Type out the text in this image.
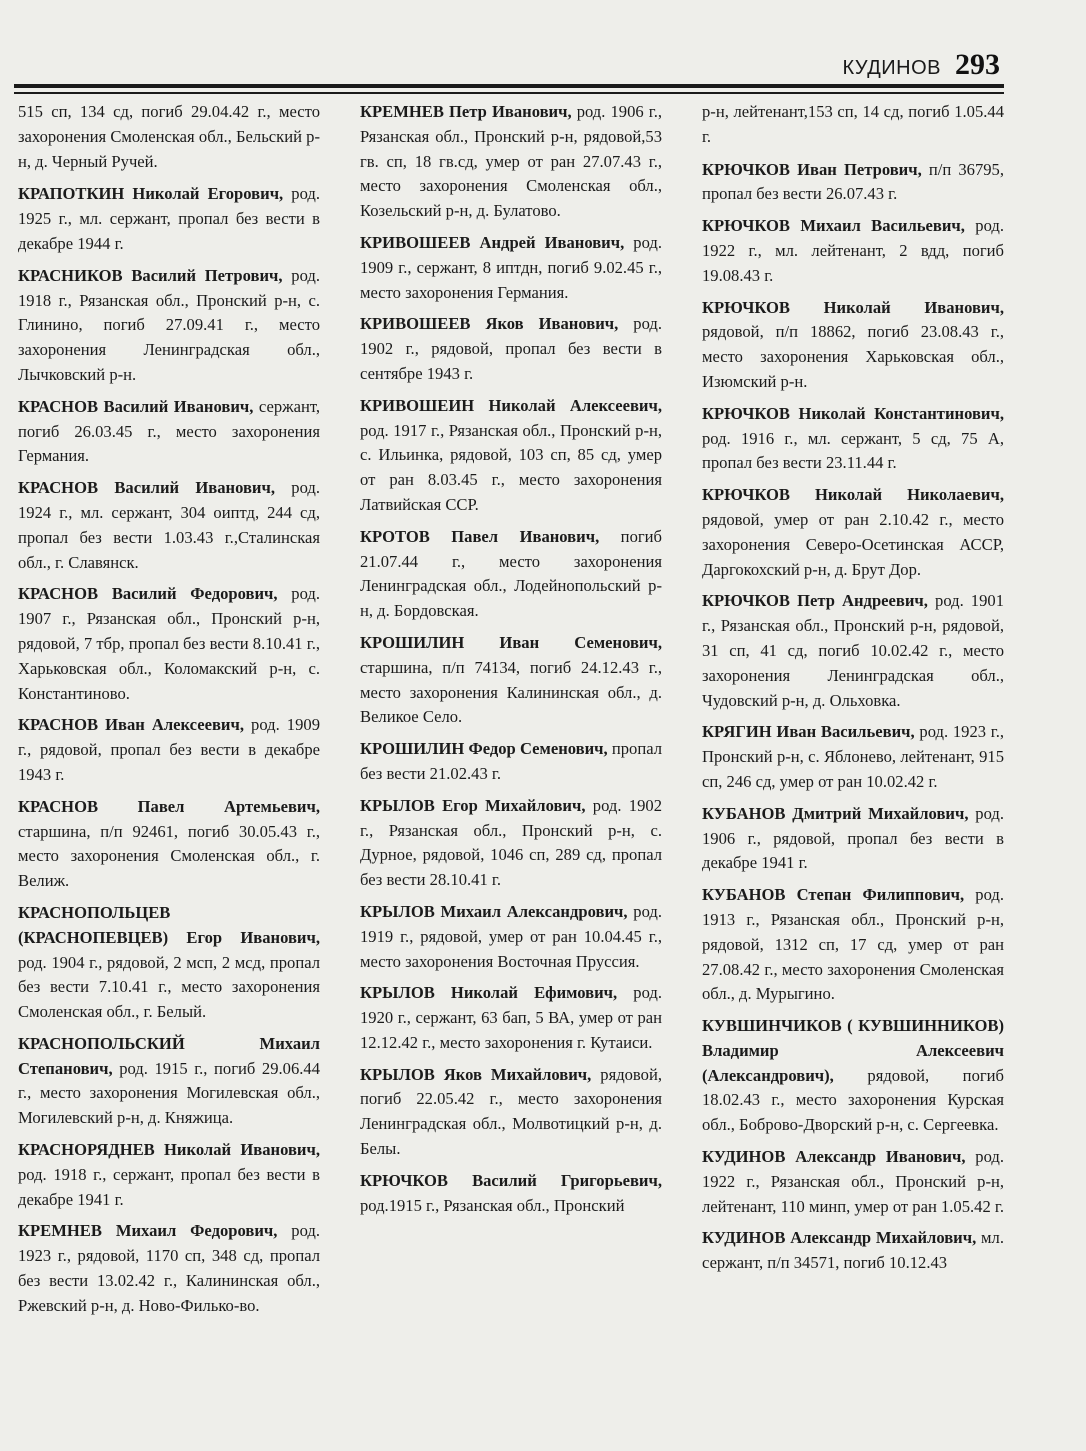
КУДИНОВ 293

515 сп, 134 сд, погиб 29.04.42 г., место захоронения Смоленская обл., Бельский р-н, д. Черный Ручей.

КРАПОТКИН Николай Егорович, род. 1925 г., мл. сержант, пропал без вести в декабре 1944 г.

КРАСНИКОВ Василий Петрович, род. 1918 г., Рязанская обл., Пронский р-н, с. Глинино, погиб 27.09.41 г., место захоронения Ленинградская обл., Лычковский р-н.

КРАСНОВ Василий Иванович, сержант, погиб 26.03.45 г., место захоронения Германия.

КРАСНОВ Василий Иванович, род. 1924 г., мл. сержант, 304 оиптд, 244 сд, пропал без вести 1.03.43 г.,Сталинская обл., г. Славянск.

КРАСНОВ Василий Федорович, род. 1907 г., Рязанская обл., Пронский р-н, рядовой, 7 тбр, пропал без вести 8.10.41 г., Харьковская обл., Коломакский р-н, с. Константиново.

КРАСНОВ Иван Алексеевич, род. 1909 г., рядовой, пропал без вести в декабре 1943 г.

КРАСНОВ Павел Артемьевич, старшина, п/п 92461, погиб 30.05.43 г., место захоронения Смоленская обл., г. Велиж.

КРАСНОПОЛЬЦЕВ (КРАСНОПЕВЦЕВ) Егор Иванович, род. 1904 г., рядовой, 2 мсп, 2 мсд, пропал без вести 7.10.41 г., место захоронения Смоленская обл., г. Белый.

КРАСНОПОЛЬСКИЙ Михаил Степанович, род. 1915 г., погиб 29.06.44 г., место захоронения Могилевская обл., Могилевский р-н, д. Княжица.

КРАСНОРЯДНЕВ Николай Иванович, род. 1918 г., сержант, пропал без вести в декабре 1941 г.

КРЕМНЕВ Михаил Федорович, род. 1923 г., рядовой, 1170 сп, 348 сд, пропал без вести 13.02.42 г., Калининская обл., Ржевский р-н, д. Ново-Филько-во.

КРЕМНЕВ Петр Иванович, род. 1906 г., Рязанская обл., Пронский р-н, рядовой,53 гв. сп, 18 гв.сд, умер от ран 27.07.43 г., место захоронения Смоленская обл., Козельский р-н, д. Булатово.

КРИВОШЕЕВ Андрей Иванович, род. 1909 г., сержант, 8 иптдн, погиб 9.02.45 г., место захоронения Германия.

КРИВОШЕЕВ Яков Иванович, род. 1902 г., рядовой, пропал без вести в сентябре 1943 г.

КРИВОШЕИН Николай Алексеевич, род. 1917 г., Рязанская обл., Пронский р-н, с. Ильинка, рядовой, 103 сп, 85 сд, умер от ран 8.03.45 г., место захоронения Латвийская ССР.

КРОТОВ Павел Иванович, погиб 21.07.44 г., место захоронения Ленинградская обл., Лодейнопольский р-н, д. Бордовская.

КРОШИЛИН Иван Семенович, старшина, п/п 74134, погиб 24.12.43 г., место захоронения Калининская обл., д. Великое Село.

КРОШИЛИН Федор Семенович, пропал без вести 21.02.43 г.

КРЫЛОВ Егор Михайлович, род. 1902 г., Рязанская обл., Пронский р-н, с. Дурное, рядовой, 1046 сп, 289 сд, пропал без вести 28.10.41 г.

КРЫЛОВ Михаил Александрович, род. 1919 г., рядовой, умер от ран 10.04.45 г., место захоронения Восточная Пруссия.

КРЫЛОВ Николай Ефимович, род. 1920 г., сержант, 63 бап, 5 ВА, умер от ран 12.12.42 г., место захоронения г. Кутаиси.

КРЫЛОВ Яков Михайлович, рядовой, погиб 22.05.42 г., место захоронения Ленинградская обл., Молвотицкий р-н, д. Белы.

КРЮЧКОВ Василий Григорьевич, род.1915 г., Рязанская обл., Пронский

р-н, лейтенант,153 сп, 14 сд, погиб 1.05.44 г.

КРЮЧКОВ Иван Петрович, п/п 36795, пропал без вести 26.07.43 г.

КРЮЧКОВ Михаил Васильевич, род. 1922 г., мл. лейтенант, 2 вдд, погиб 19.08.43 г.

КРЮЧКОВ Николай Иванович, рядовой, п/п 18862, погиб 23.08.43 г., место захоронения Харьковская обл., Изюмский р-н.

КРЮЧКОВ Николай Константинович, род. 1916 г., мл. сержант, 5 сд, 75 А, пропал без вести 23.11.44 г.

КРЮЧКОВ Николай Николаевич, рядовой, умер от ран 2.10.42 г., место захоронения Северо-Осетинская АССР, Даргокохский р-н, д. Брут Дор.

КРЮЧКОВ Петр Андреевич, род. 1901 г., Рязанская обл., Пронский р-н, рядовой, 31 сп, 41 сд, погиб 10.02.42 г., место захоронения Ленинградская обл., Чудовский р-н, д. Ольховка.

КРЯГИН Иван Васильевич, род. 1923 г., Пронский р-н, с. Яблонево, лейтенант, 915 сп, 246 сд, умер от ран 10.02.42 г.

КУБАНОВ Дмитрий Михайлович, род. 1906 г., рядовой, пропал без вести в декабре 1941 г.

КУБАНОВ Степан Филиппович, род. 1913 г., Рязанская обл., Пронский р-н, рядовой, 1312 сп, 17 сд, умер от ран 27.08.42 г., место захоронения Смоленская обл., д. Мурыгино.

КУВШИНЧИКОВ ( КУВШИННИКОВ) Владимир Алексеевич (Александрович), рядовой, погиб 18.02.43 г., место захоронения Курская обл., Боброво-Дворский р-н, с. Сергеевка.

КУДИНОВ Александр Иванович, род. 1922 г., Рязанская обл., Пронский р-н, лейтенант, 110 минп, умер от ран 1.05.42 г.

КУДИНОВ Александр Михайлович, мл. сержант, п/п 34571, погиб 10.12.43
